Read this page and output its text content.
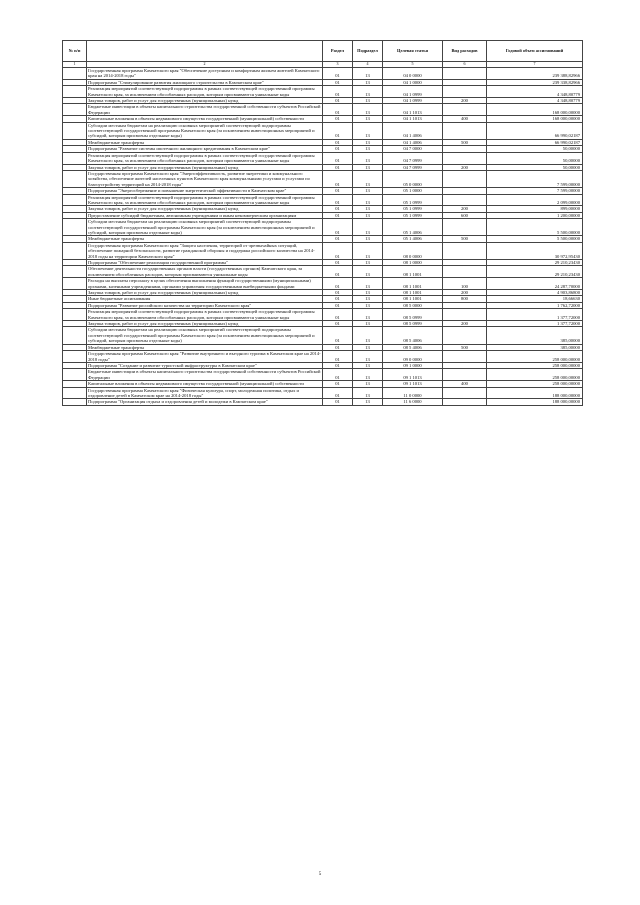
№ п/п		Раздел	Подраздел	Целевая статья	Вид расходов	Годовой объем ассигнований
1	2	3	4	5	6	7
	Государственная программа Камчатского края "Обеспечение доступным и комфортным жильем жителей Камчатского края на 2014-2018 годы"	01	13	04 0 0000		239 388,82966
	Подпрограмма "Стимулирование развития жилищного строительства в Камчатском крае"	01	13	04 1 0000		239 338,82966
	Реализация мероприятий соответствующей подпрограммы в рамках соответствующей государственной программы Камчатского края, за исключением обособленных расходов, которым присваиваются уникальные коды	01	13	04 1 0999		4 348,80779
	Закупка товаров, работ и услуг для государственных (муниципальных) нужд	01	13	04 1 0999	200	4 348,80779
	Бюджетные инвестиции в объекты капитального строительства государственной собственности субъектов Российской Федерации	01	13	04 1 1013		168 000,00000
	Капитальные вложения в объекты недвижимого имущества государственной (муниципальной) собственности	01	13	04 1 1013	400	168 000,00000
	Субсидии местным бюджетам на реализацию основных мероприятий соответствующей подпрограммы соответствующей государственной программы Камчатского края (за исключением инвестиционных мероприятий и субсидий, которым присвоены отдельные коды)	01	13	04 1 4006		66 990,02187
	Межбюджетные трансферты	01	13	04 1 4006	500	66 990,02187
	Подпрограмма "Развитие системы ипотечного жилищного кредитования в Камчатском крае"	01	13	04 7 0000		50,00000
	Реализация мероприятий соответствующей подпрограммы в рамках соответствующей государственной программы Камчатского края, за исключением обособленных расходов, которым присваиваются уникальные коды	01	13	04 7 0999		50,00000
	Закупка товаров, работ и услуг для государственных (муниципальных) нужд	01	13	04 7 0999	200	50,00000
	Государственная программа Камчатского края "Энергоэффективность, развитие энергетики и коммунального хозяйства, обеспечение жителей населенных пунктов Камчатского края коммунальными услугами и услугами по благоустройству территорий на 2014-2018 годы"	01	13	05 0 0000		7 599,00000
	Подпрограмма "Энергосбережение и повышение энергетической эффективности в Камчатском крае"	01	13	05 1 0000		7 599,00000
	Реализация мероприятий соответствующей подпрограммы в рамках соответствующей государственной программы Камчатского края, за исключением обособленных расходов, которым присваиваются уникальные коды	01	13	05 1 0999		2 099,00000
	Закупка товаров, работ и услуг для государственных (муниципальных) нужд	01	13	05 1 0999	200	899,00000
	Предоставление субсидий бюджетным, автономным учреждениям и иным некоммерческим организациям	01	13	05 1 0999	600	1 200,00000
	Субсидии местным бюджетам на реализацию основных мероприятий соответствующей подпрограммы соответствующей государственной программы Камчатского края (за исключением инвестиционных мероприятий и субсидий, которым присвоены отдельные коды)	01	13	05 1 4006		5 500,00000
	Межбюджетные трансферты	01	13	05 1 4006	500	5 500,00000
	Государственная программа Камчатского края "Защита населения, территорий от чрезвычайных ситуаций, обеспечение пожарной безопасности, развитие гражданской обороны и поддержка российского казачества на 2014-2018 годы на территории Камчатского края"	01	13	08 0 0000		30 972,95430
	Подпрограмма "Обеспечение реализации государственной программы"	01	13	08 1 0000		29 210,23430
	Обеспечение деятельности государственных органов власти (государственных органов) Камчатского края, за исключением обособленных расходов, которым присваиваются уникальные коды	01	13	08 1 1001		29 210,23430
	Расходы на выплаты персоналу в целях обеспечения выполнения функций государственными (муниципальными) органами, казенными учреждениями, органами управления государственными внебюджетными фондами	01	13	08 1 1001	100	24 287,70000
	Закупка товаров, работ и услуг для государственных (муниципальных) нужд	01	13	08 1 1001	200	4 903,86800
	Иные бюджетные ассигнования	01	13	08 1 1001	800	18,66630
	Подпрограмма "Развитие российского казачества на территории Камчатского края"	01	13	08 5 0000		1 762,72000
	Реализация мероприятий соответствующей подпрограммы в рамках соответствующей государственной программы Камчатского края, за исключением обособленных расходов, которым присваиваются уникальные коды	01	13	08 5 0999		1 377,72000
	Закупка товаров, работ и услуг для государственных (муниципальных) нужд	01	13	08 5 0999	200	1 377,72000
	Субсидии местным бюджетам на реализацию основных мероприятий соответствующей подпрограммы соответствующей государственной программы Камчатского края (за исключением инвестиционных мероприятий и субсидий, которым присвоены отдельные коды)	01	13	08 5 4006		385,00000
	Межбюджетные трансферты	01	13	08 5 4006	500	385,00000
	Государственная программа Камчатского края "Развитие внутреннего и въездного туризма в Камчатском крае на 2014-2018 годы"	01	13	09 0 0000		258 000,00000
	Подпрограмма "Создание и развитие туристской инфраструктуры в Камчатском крае"	01	13	09 1 0000		258 000,00000
	Бюджетные инвестиции в объекты капитального строительства государственной собственности субъектов Российской Федерации	01	13	09 1 1013		258 000,00000
	Капитальные вложения в объекты недвижимого имущества государственной (муниципальной) собственности	01	13	09 1 1013	400	258 000,00000
	Государственная программа Камчатского края "Физическая культура, спорт, молодежная политика, отдых и оздоровление детей в Камчатском крае на 2014-2018 годы"	01	13	11 0 0000		188 000,00000
	Подпрограмма "Организация отдыха и оздоровления детей и молодежи в Камчатском крае"	01	13	11 6 0000		188 000,00000
5
